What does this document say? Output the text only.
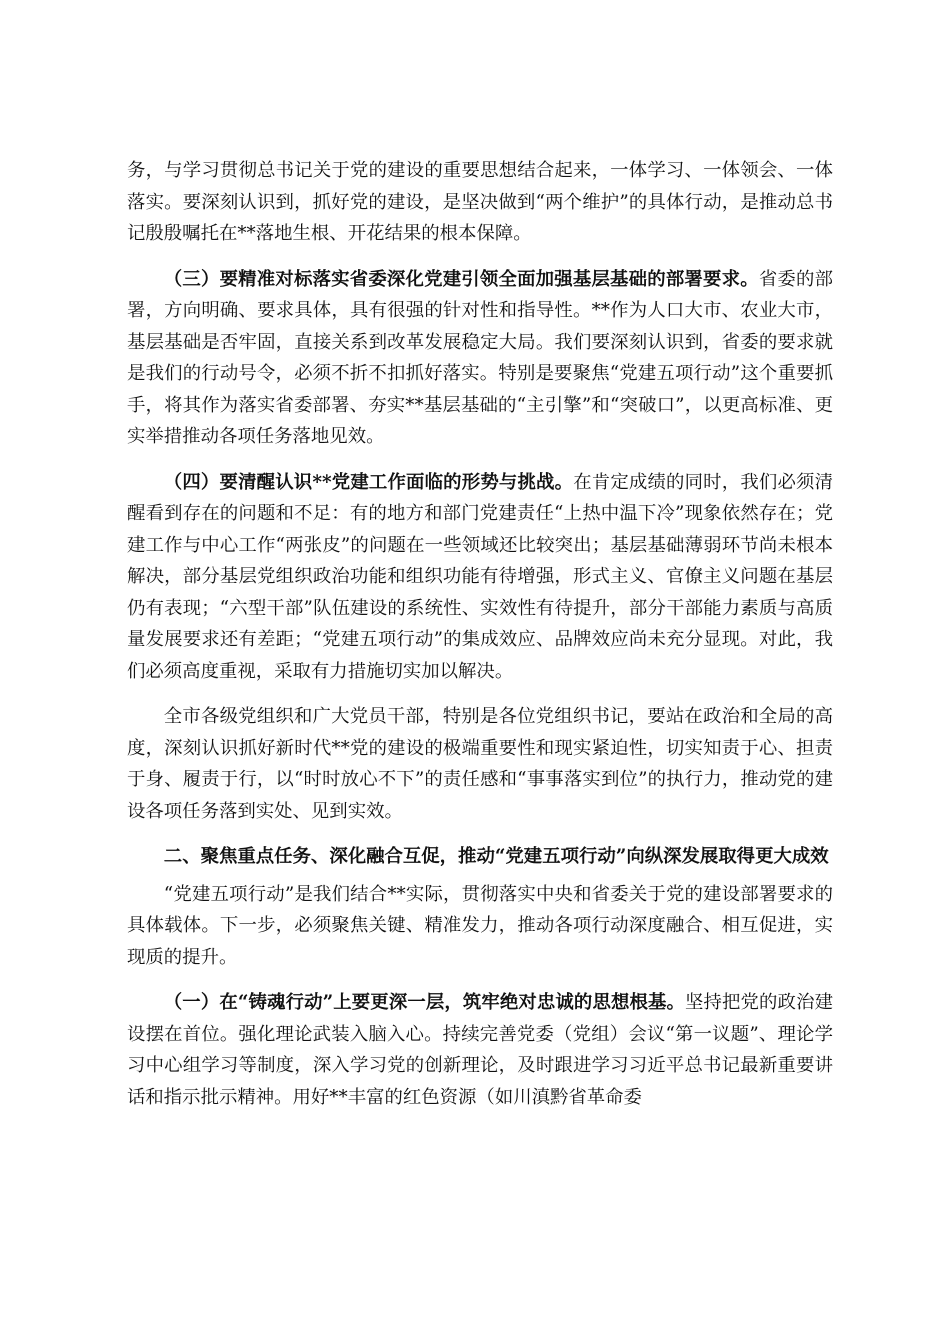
务，与学习贯彻总书记关于党的建设的重要思想结合起来，一体学习、一体领会、一体落实。要深刻认识到，抓好党的建设，是坚决做到“两个维护”的具体行动，是推动总书记殷殷嘱托在**落地生根、开花结果的根本保障。

（三）要精准对标落实省委深化党建引领全面加强基层基础的部署要求。省委的部署，方向明确、要求具体，具有很强的针对性和指导性。**作为人口大市、农业大市，基层基础是否牢固，直接关系到改革发展稳定大局。我们要深刻认识到，省委的要求就是我们的行动号令，必须不折不扣抓好落实。特别是要聚焦“党建五项行动”这个重要抓手，将其作为落实省委部署、夯实**基层基础的“主引擎”和“突破口”，以更高标准、更实举措推动各项任务落地见效。

（四）要清醒认识**党建工作面临的形势与挑战。在肯定成绩的同时，我们必须清醒看到存在的问题和不足：有的地方和部门党建责任“上热中温下冷”现象依然存在；党建工作与中心工作“两张皮”的问题在一些领域还比较突出；基层基础薄弱环节尚未根本解决，部分基层党组织政治功能和组织功能有待增强，形式主义、官僚主义问题在基层仍有表现；“六型干部”队伍建设的系统性、实效性有待提升，部分干部能力素质与高质量发展要求还有差距；“党建五项行动”的集成效应、品牌效应尚未充分显现。对此，我们必须高度重视，采取有力措施切实加以解决。

全市各级党组织和广大党员干部，特别是各位党组织书记，要站在政治和全局的高度，深刻认识抓好新时代**党的建设的极端重要性和现实紧迫性，切实知责于心、担责于身、履责于行，以“时时放心不下”的责任感和“事事落实到位”的执行力，推动党的建设各项任务落到实处、见到实效。

二、聚焦重点任务、深化融合互促，推动“党建五项行动”向纵深发展取得更大成效

“党建五项行动”是我们结合**实际，贯彻落实中央和省委关于党的建设部署要求的具体载体。下一步，必须聚焦关键、精准发力，推动各项行动深度融合、相互促进，实现质的提升。

（一）在“铸魂行动”上要更深一层，筑牢绝对忠诚的思想根基。坚持把党的政治建设摆在首位。强化理论武装入脑入心。持续完善党委（党组）会议“第一议题”、理论学习中心组学习等制度，深入学习党的创新理论，及时跟进学习习近平总书记最新重要讲话和指示批示精神。用好**丰富的红色资源（如川滇黔省革命委
